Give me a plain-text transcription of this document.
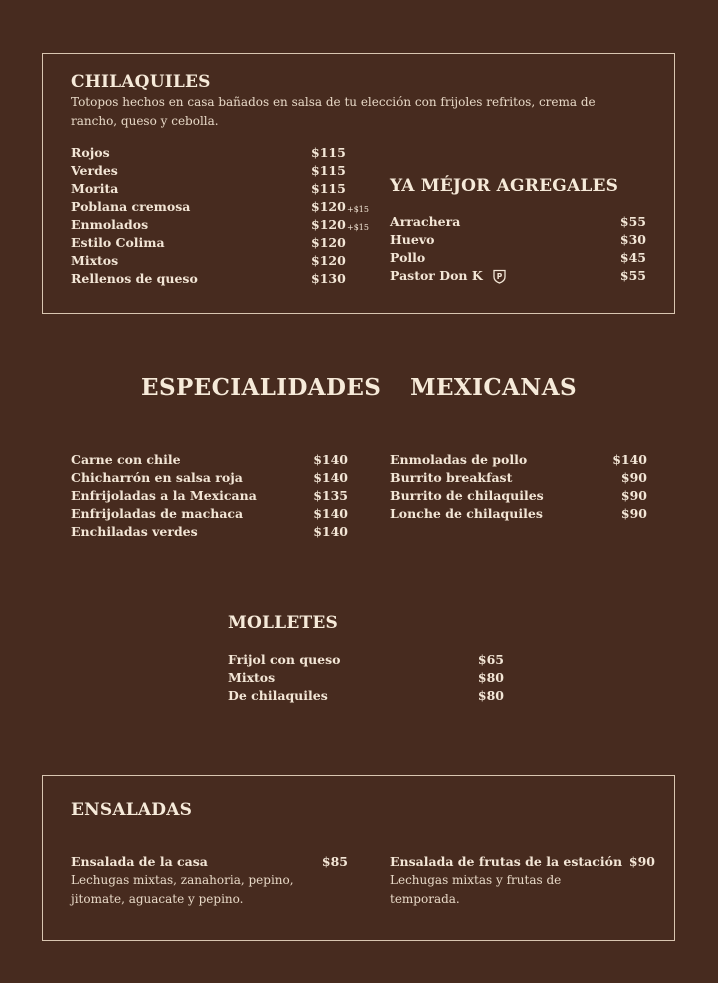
CHILAQUILES
Totopos hechos en casa bañados en salsa de tu elección con frijoles refritos, crema de
rancho, queso y cebolla.
Rojos	$115
Verdes	$115
Morita	$115
Poblana cremosa	$120 +$15
Enmolados	$120 +$15
Estilo Colima	$120
Mixtos	$120
Rellenos de queso	$130
YA MÉJOR AGREGALES
Arrachera	$55
Huevo	$30
Pollo	$45
Pastor Don K P	$55
ESPECIALIDADES  MEXICANAS
Carne con chile	$140
Chicharrón en salsa roja	$140
Enfrijoladas a la Mexicana	$135
Enfrijoladas de machaca	$140
Enchiladas verdes	$140
Enmoladas de pollo	$140
Burrito breakfast	$90
Burrito de chilaquiles	$90
Lonche de chilaquiles	$90
MOLLETES
Frijol con queso	$65
Mixtos	$80
De chilaquiles	$80
ENSALADAS
Ensalada de la casa	$85
Lechugas mixtas, zanahoria, pepino,
jitomate, aguacate y pepino.
Ensalada de frutas de la estación $90
Lechugas mixtas y frutas de
temporada.
